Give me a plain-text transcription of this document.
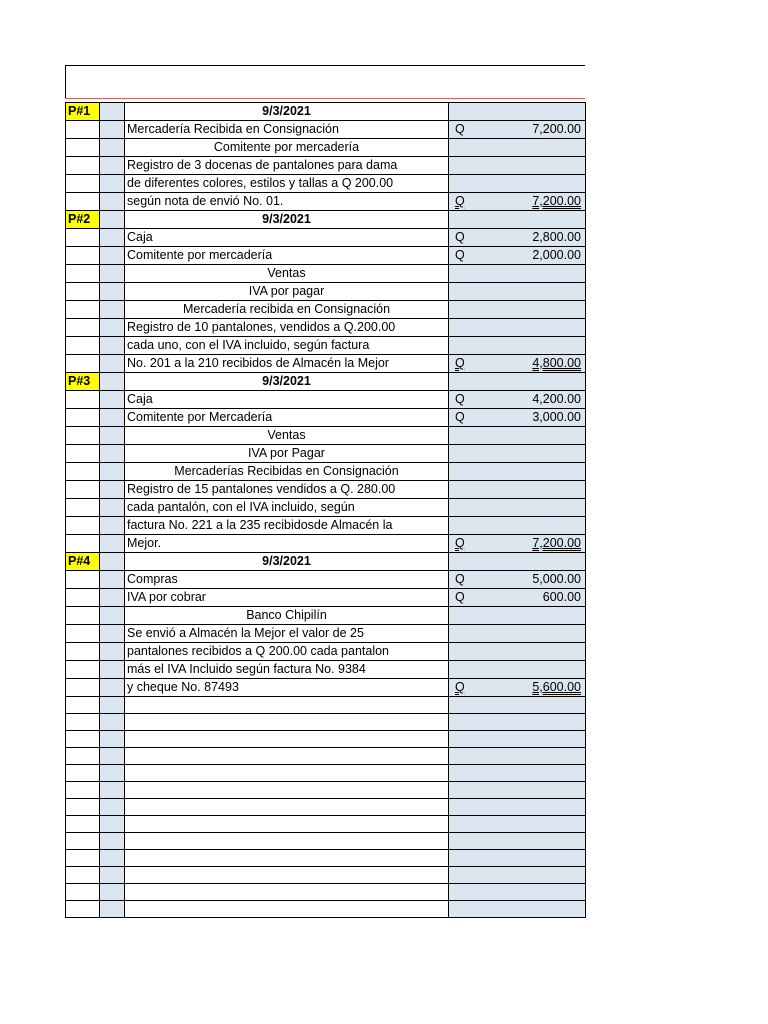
P#1		9/3/2021	

		Mercadería Recibida en Consignación	Q 7,200.00

		Comitente por mercadería	

		Registro de 3 docenas de pantalones para dama	

		de diferentes colores, estilos y tallas a Q 200.00	

		según nota de envió No. 01.	Q 7,200.00

P#2		9/3/2021	

		Caja	Q 2,800.00

		Comitente por mercadería	Q 2,000.00

		Ventas	

		IVA por pagar	

		Mercadería recibida en Consignación	

		Registro de 10 pantalones, vendidos a Q.200.00	

		cada uno, con el IVA incluido, según factura	

		No. 201 a la 210 recibidos de Almacén la Mejor	Q 4,800.00

P#3		9/3/2021	

		Caja	Q 4,200.00

		Comitente por Mercadería	Q 3,000.00

		Ventas	

		IVA por Pagar	

		Mercaderías Recibidas en Consignación	

		Registro de 15 pantalones vendidos a Q. 280.00	

		cada pantalón, con el IVA incluido, según	

		factura No. 221 a la 235 recibidosde Almacén la	

		Mejor.	Q 7,200.00

P#4		9/3/2021	

		Compras	Q 5,000.00

		IVA por cobrar	Q 600.00

		Banco Chipilín	

		Se envió a Almacén la Mejor el valor de 25	

		pantalones recibidos a Q 200.00 cada pantalon	

		más el IVA Incluido según factura No. 9384	

		y cheque No. 87493	Q 5,600.00
